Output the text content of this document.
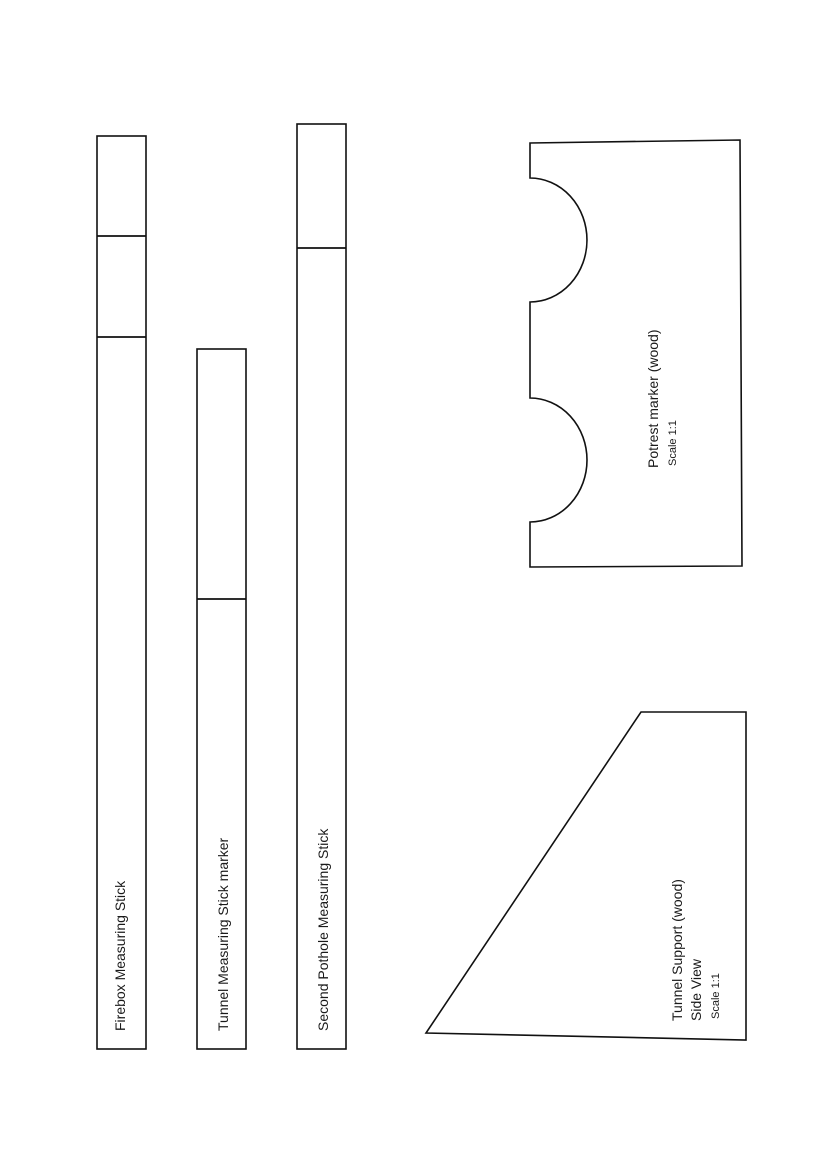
Firebox Measuring Stick	Tunnel Measuring Stick marker	Second Pothole Measuring Stick
Potrest marker (wood) Scale 1:1
Tunnel Support (wood) Side View Scale 1:1
